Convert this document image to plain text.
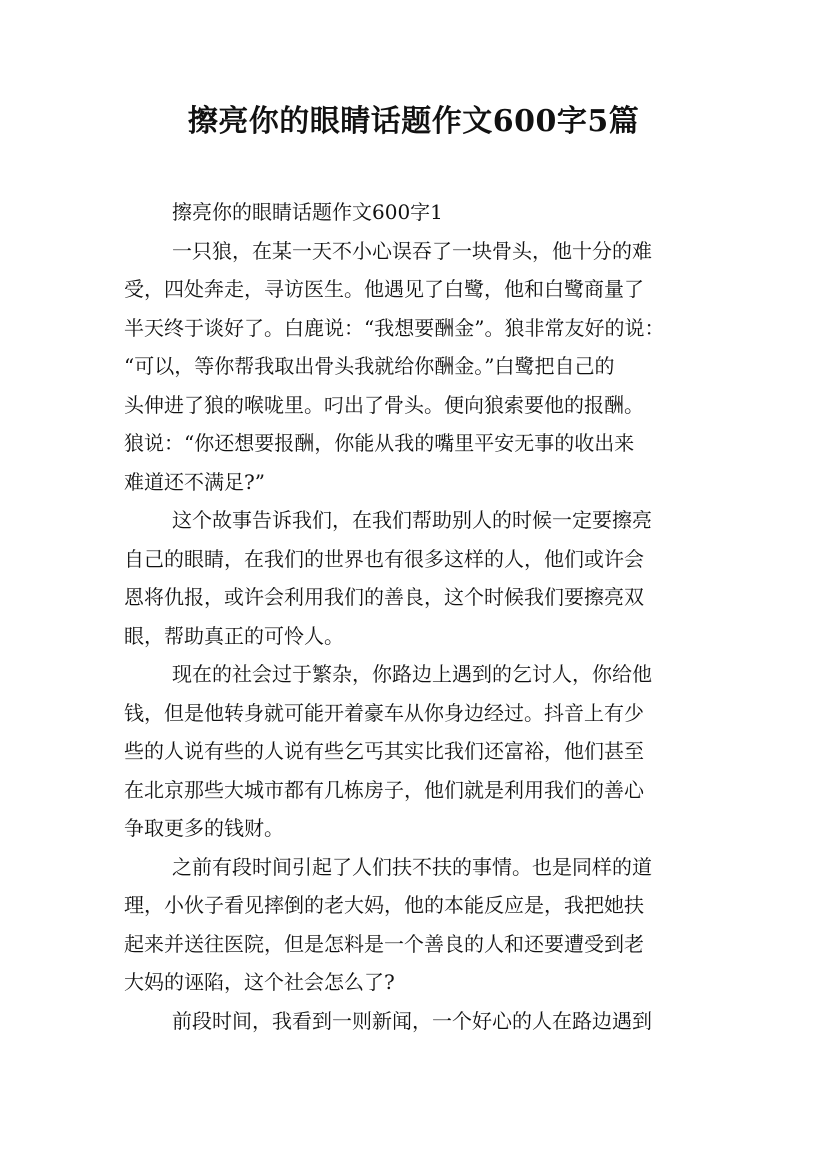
擦亮你的眼睛话题作文600字5篇
擦亮你的眼睛话题作文600字1
一只狼，在某一天不小心误吞了一块骨头，他十分的难
受，四处奔走，寻访医生。他遇见了白鹭，他和白鹭商量了
半天终于谈好了。白鹿说：“我想要酬金”。狼非常友好的说：
“可以，等你帮我取出骨头我就给你酬金。”白鹭把自己的
头伸进了狼的喉咙里。叼出了骨头。便向狼索要他的报酬。
狼说：“你还想要报酬，你能从我的嘴里平安无事的收出来
难道还不满足?”
这个故事告诉我们，在我们帮助别人的时候一定要擦亮
自己的眼睛，在我们的世界也有很多这样的人，他们或许会
恩将仇报，或许会利用我们的善良，这个时候我们要擦亮双
眼，帮助真正的可怜人。
现在的社会过于繁杂，你路边上遇到的乞讨人，你给他
钱，但是他转身就可能开着豪车从你身边经过。抖音上有少
些的人说有些的人说有些乞丐其实比我们还富裕，他们甚至
在北京那些大城市都有几栋房子，他们就是利用我们的善心
争取更多的钱财。
之前有段时间引起了人们扶不扶的事情。也是同样的道
理，小伙子看见摔倒的老大妈，他的本能反应是，我把她扶
起来并送往医院，但是怎料是一个善良的人和还要遭受到老
大妈的诬陷，这个社会怎么了?
前段时间，我看到一则新闻，一个好心的人在路边遇到
